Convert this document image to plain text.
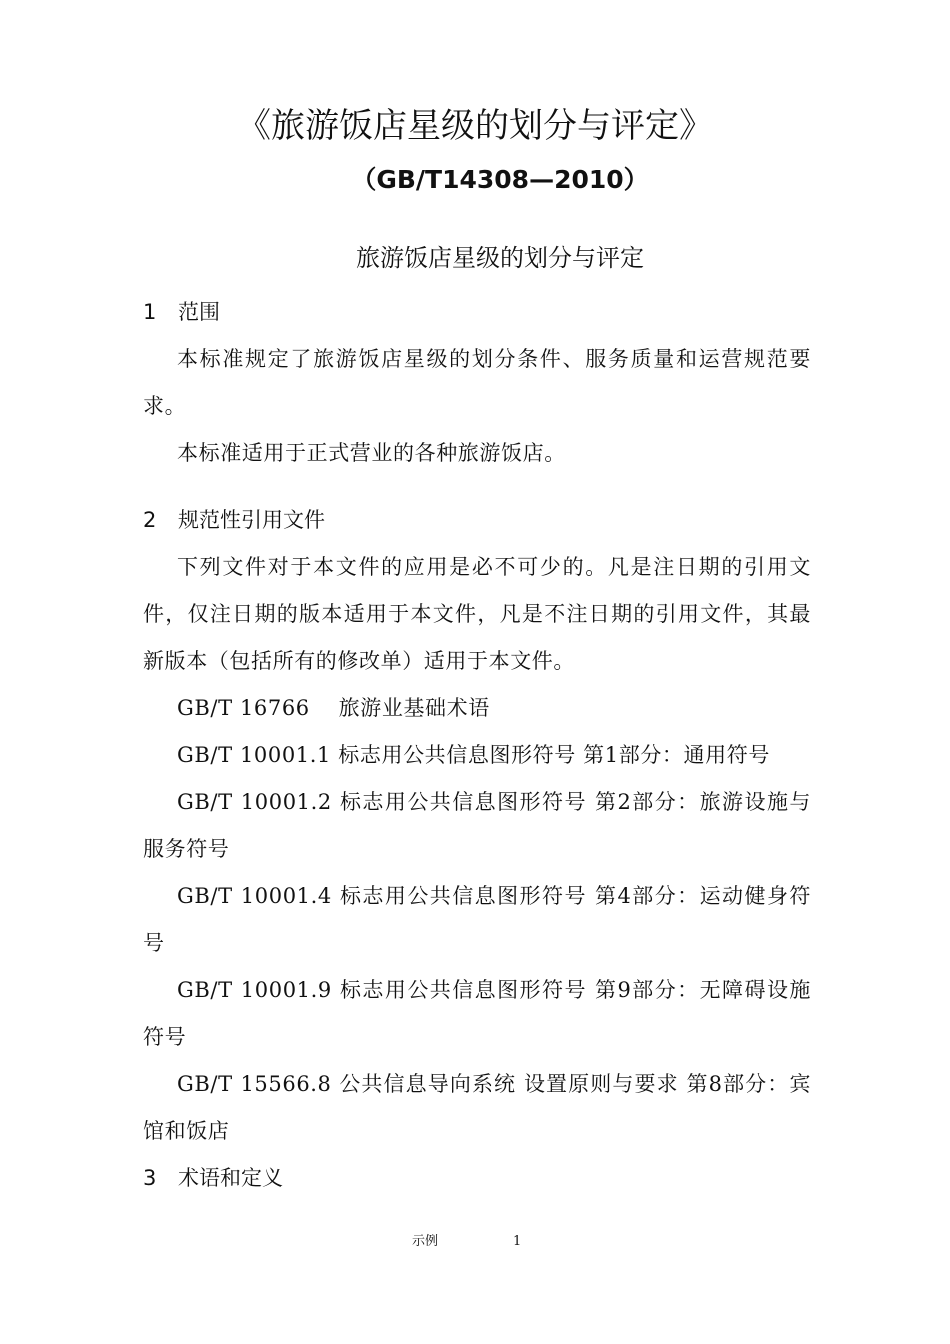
《旅游饭店星级的划分与评定》
（GB/T14308—2010）
旅游饭店星级的划分与评定
1 范围
本标准规定了旅游饭店星级的划分条件、服务质量和运营规范要求。
本标准适用于正式营业的各种旅游饭店。
2 规范性引用文件
下列文件对于本文件的应用是必不可少的。凡是注日期的引用文件，仅注日期的版本适用于本文件，凡是不注日期的引用文件，其最新版本（包括所有的修改单）适用于本文件。
GB/T 16766　 旅游业基础术语
GB/T 10001.1 标志用公共信息图形符号 第1部分：通用符号
GB/T 10001.2 标志用公共信息图形符号 第2部分：旅游设施与服务符号
GB/T 10001.4 标志用公共信息图形符号 第4部分：运动健身符号
GB/T 10001.9 标志用公共信息图形符号 第9部分：无障碍设施符号
GB/T 15566.8 公共信息导向系统 设置原则与要求 第8部分：宾馆和饭店
3 术语和定义
示例	1
